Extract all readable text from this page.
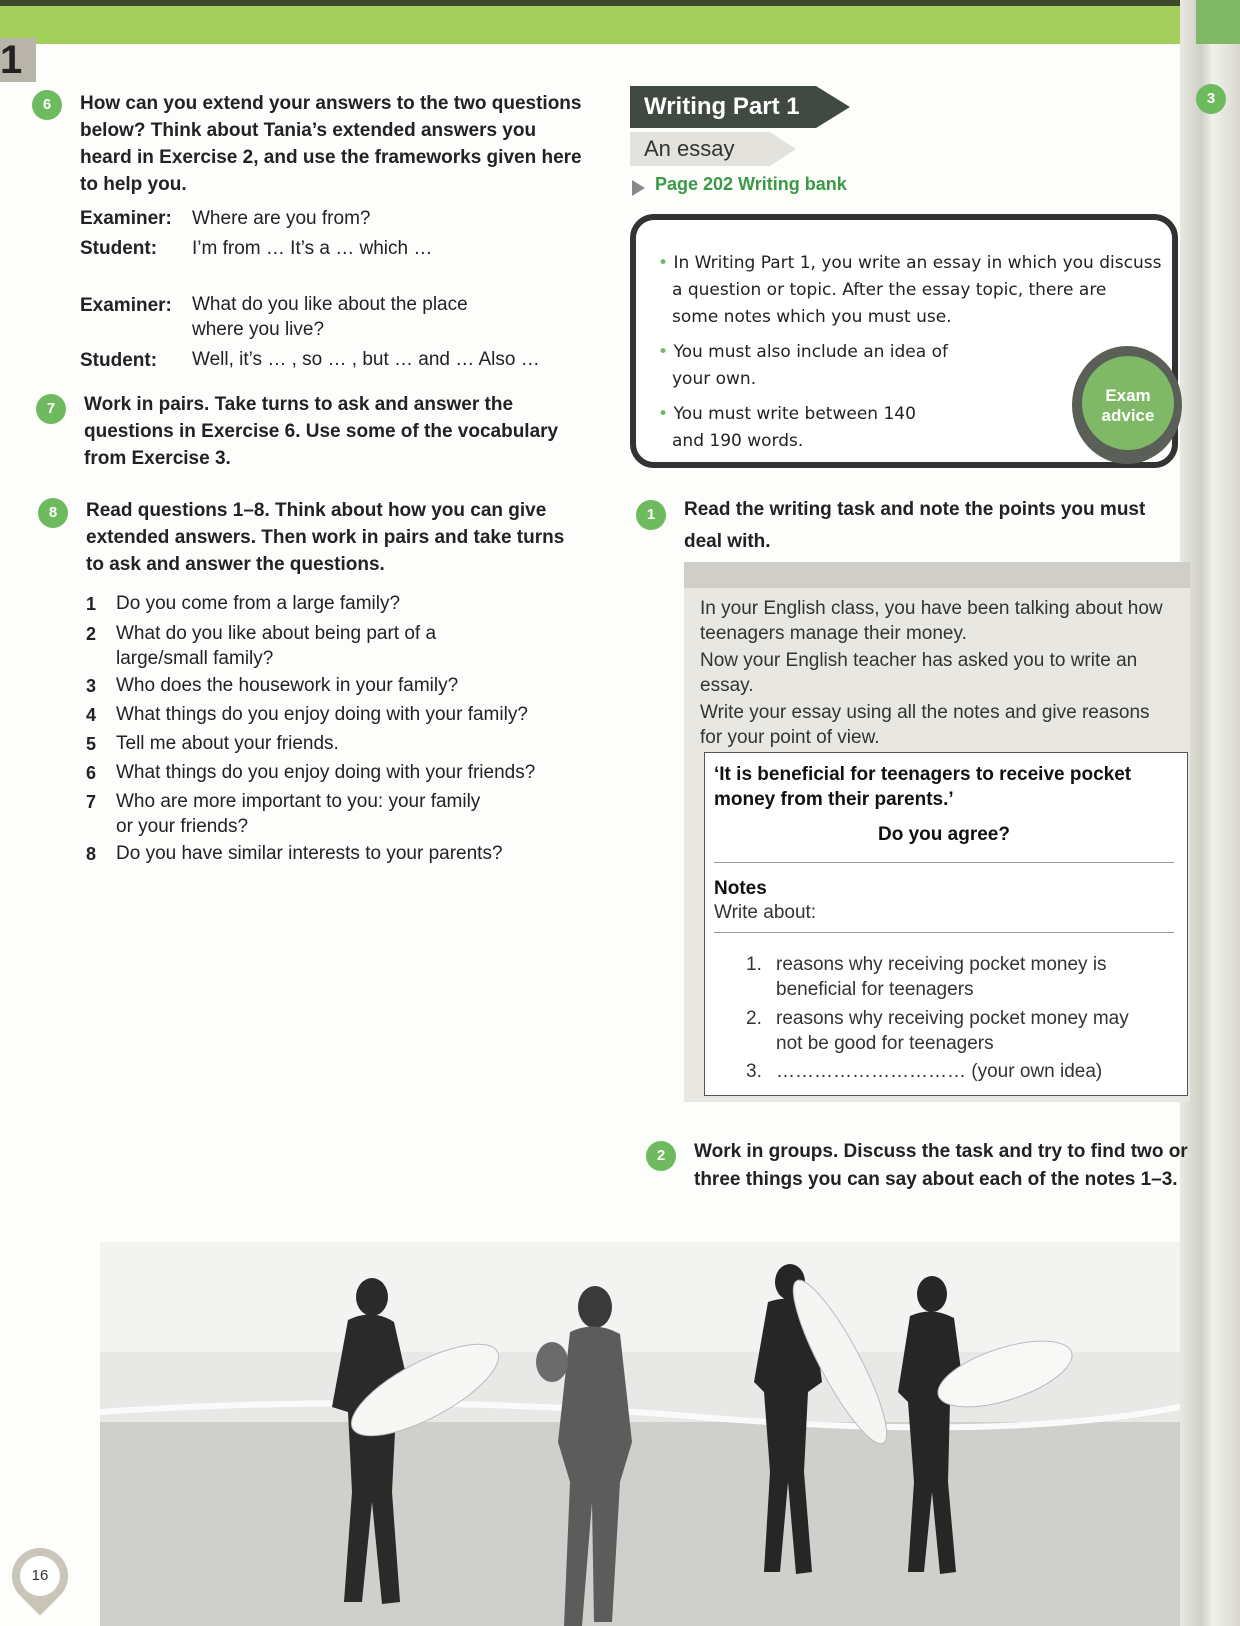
1
3
6	How can you extend your answers to the two questions
below? Think about Tania’s extended answers you
heard in Exercise 2, and use the frameworks given here
to help you.
Examiner: Where are you from?
Student: I’m from … It’s a … which …
Examiner: What do you like about the place
where you live?
Student: Well, it’s … , so … , but … and … Also …
7	Work in pairs. Take turns to ask and answer the
questions in Exercise 6. Use some of the vocabulary
from Exercise 3.
8	Read questions 1–8. Think about how you can give
extended answers. Then work in pairs and take turns
to ask and answer the questions.
1 Do you come from a large family?
2 What do you like about being part of a
large/small family?
3 Who does the housework in your family?
4 What things do you enjoy doing with your family?
5 Tell me about your friends.
6 What things do you enjoy doing with your friends?
7 Who are more important to you: your family
or your friends?
8 Do you have similar interests to your parents?
Writing Part 1
An essay
Page 202 Writing bank
• In Writing Part 1, you write an essay in which you discuss
a question or topic. After the essay topic, there are
some notes which you must use.
• You must also include an idea of
your own.
• You must write between 140
and 190 words.
Exam
advice
1	Read the writing task and note the points you must
deal with.
In your English class, you have been talking about how
teenagers manage their money.
Now your English teacher has asked you to write an
essay.
Write your essay using all the notes and give reasons
for your point of view.
‘It is beneficial for teenagers to receive pocket
money from their parents.’
Do you agree?
Notes
Write about:
1. reasons why receiving pocket money is
beneficial for teenagers
2. reasons why receiving pocket money may
not be good for teenagers
3. ………………………… (your own idea)
2	Work in groups. Discuss the task and try to find two or
three things you can say about each of the notes 1–3.
16
